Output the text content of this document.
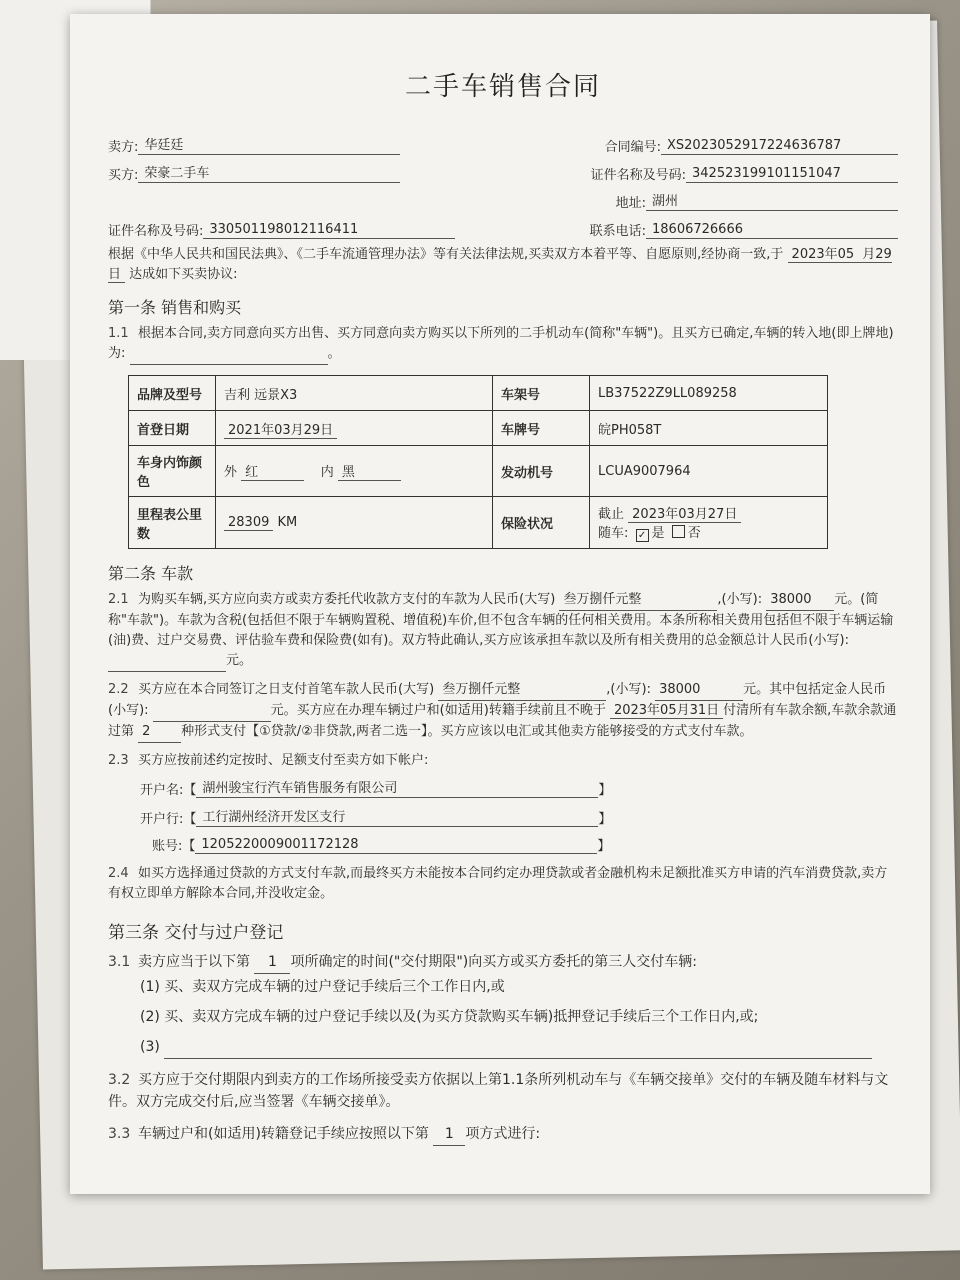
二手车销售合同
卖方: 华廷廷	合同编号: XS2023052917224636787
买方: 荣豪二手车	证件名称及号码: 342523199101151047
地址: 湖州
证件名称及号码: 330501198012116411	联系电话: 18606726666
根据《中华人民共和国民法典》、《二手车流通管理办法》等有关法律法规,买卖双方本着平等、自愿原则,经协商一致,于 2023年05 月29日 达成如下买卖协议:
第一条 销售和购买
1.1 根据本合同,卖方同意向买方出售、买方同意向卖方购买以下所列的二手机动车(简称"车辆")。且买方已确定,车辆的转入地(即上牌地)为:	。
品牌及型号	吉利 远景X3	车架号	LB37522Z9LL089258
首登日期	2021年03月29日	车牌号	皖PH058T
车身内饰颜色	外 红 内 黑	发动机号	LCUA9007964
里程表公里数	28309 KM	保险状况	截止 2023年03月27日
随车: ✓ 是 否
第二条 车款
2.1 为购买车辆,买方应向卖方或卖方委托代收款方支付的车款为人民币(大写) 叁万捌仟元整	,(小写): 38000 元。(简称"车款")。车款为含税(包括但不限于车辆购置税、增值税)车价,但不包含车辆的任何相关费用。本条所称相关费用包括但不限于车辆运输(油)费、过户交易费、评估验车费和保险费(如有)。双方特此确认,买方应该承担车款以及所有相关费用的总金额总计人民币(小写):  元。
2.2 买方应在本合同签订之日支付首笔车款人民币(大写) 叁万捌仟元整	,(小写): 38000	元。其中包括定金人民币(小写):	元。买方应在办理车辆过户和(如适用)转籍手续前且不晚于 2023年05月31日 付清所有车款余额,车款余款通过第 2 种形式支付【①贷款/②非贷款,两者二选一】。买方应该以电汇或其他卖方能够接受的方式支付车款。
2.3 买方应按前述约定按时、足额支付至卖方如下帐户:
开户名:【 湖州骏宝行汽车销售服务有限公司	】
开户行:【 工行湖州经济开发区支行	】
账号:【 1205220009001172128	】
2.4 如买方选择通过贷款的方式支付车款,而最终买方未能按本合同约定办理贷款或者金融机构未足额批准买方申请的汽车消费贷款,卖方有权立即单方解除本合同,并没收定金。
第三条 交付与过户登记
3.1 卖方应当于以下第 1 项所确定的时间("交付期限")向买方或买方委托的第三人交付车辆:
(1) 买、卖双方完成车辆的过户登记手续后三个工作日内,或
(2) 买、卖双方完成车辆的过户登记手续以及(为买方贷款购买车辆)抵押登记手续后三个工作日内,或;
(3)
3.2 买方应于交付期限内到卖方的工作场所接受卖方依据以上第1.1条所列机动车与《车辆交接单》交付的车辆及随车材料与文件。双方完成交付后,应当签署《车辆交接单》。
3.3 车辆过户和(如适用)转籍登记手续应按照以下第 1 项方式进行:
